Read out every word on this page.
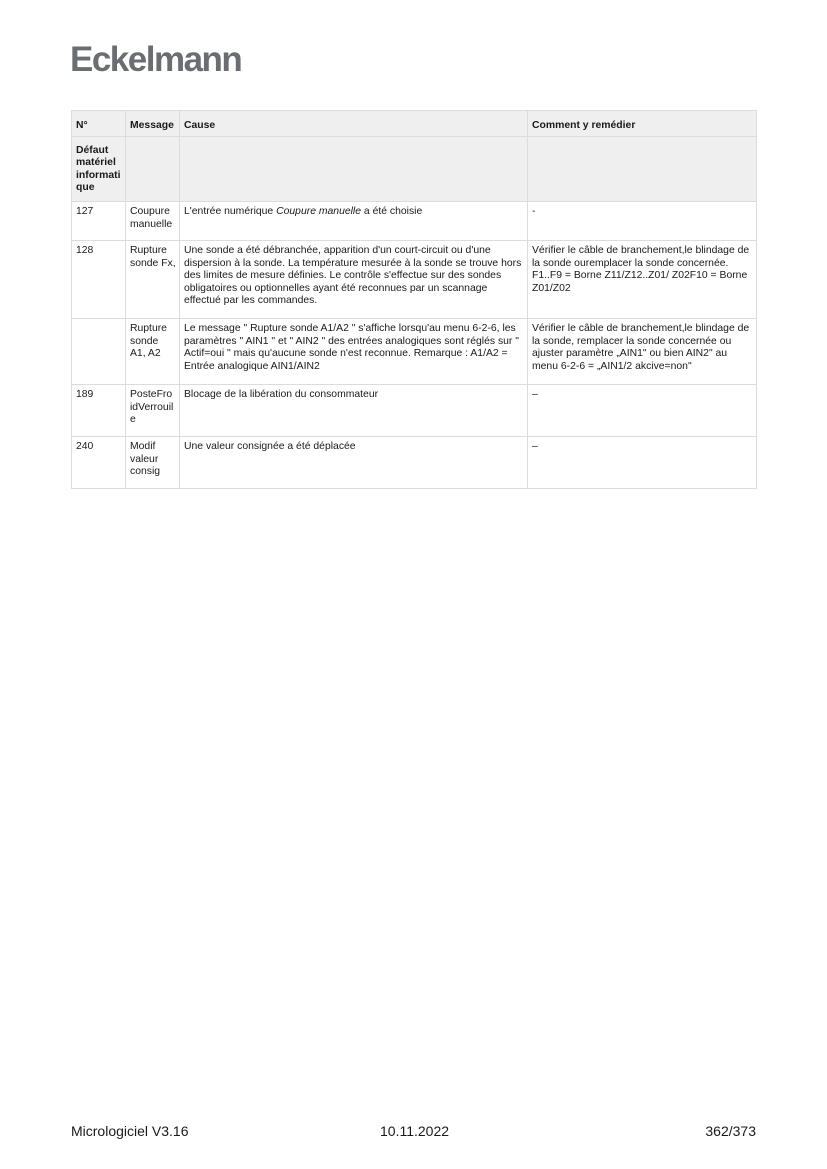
Eckelmann
N°	Message	Cause	Comment y remédier
Défaut matériel informati que			
127	Coupure manuelle	L'entrée numérique Coupure manuelle a été choisie	-
128	Rupture sonde Fx,	Une sonde a été débranchée, apparition d'un court-circuit ou d'une dispersion à la sonde. La température mesurée à la sonde se trouve hors des limites de mesure définies. Le contrôle s'effectue sur des sondes obligatoires ou optionnelles ayant été reconnues par un scannage effectué par les commandes.	Vérifier le câble de branchement,le blindage de la sonde ouremplacer la sonde concernée. F1..F9 = Borne Z11/Z12..Z01/ Z02F10 = Borne Z01/Z02
	Rupture sonde A1, A2	Le message " Rupture sonde A1/A2 " s'affiche lorsqu'au menu 6-2-6, les paramètres " AIN1 " et " AIN2 " des entrées analogiques sont réglés sur " Actif=oui " mais qu'aucune sonde n'est reconnue. Remarque : A1/A2 = Entrée analogique AIN1/AIN2	Vérifier le câble de branchement,le blindage de la sonde, remplacer la sonde concernée ou ajuster paramètre „AIN1" ou bien AIN2" au menu 6-2-6 = „AIN1/2 akcive=non"
189	PosteFro idVerrouil e	Blocage de la libération du consommateur	–
240	Modif valeur consig	Une valeur consignée a été déplacée	–
Micrologiciel V3.16	10.11.2022	362/373
